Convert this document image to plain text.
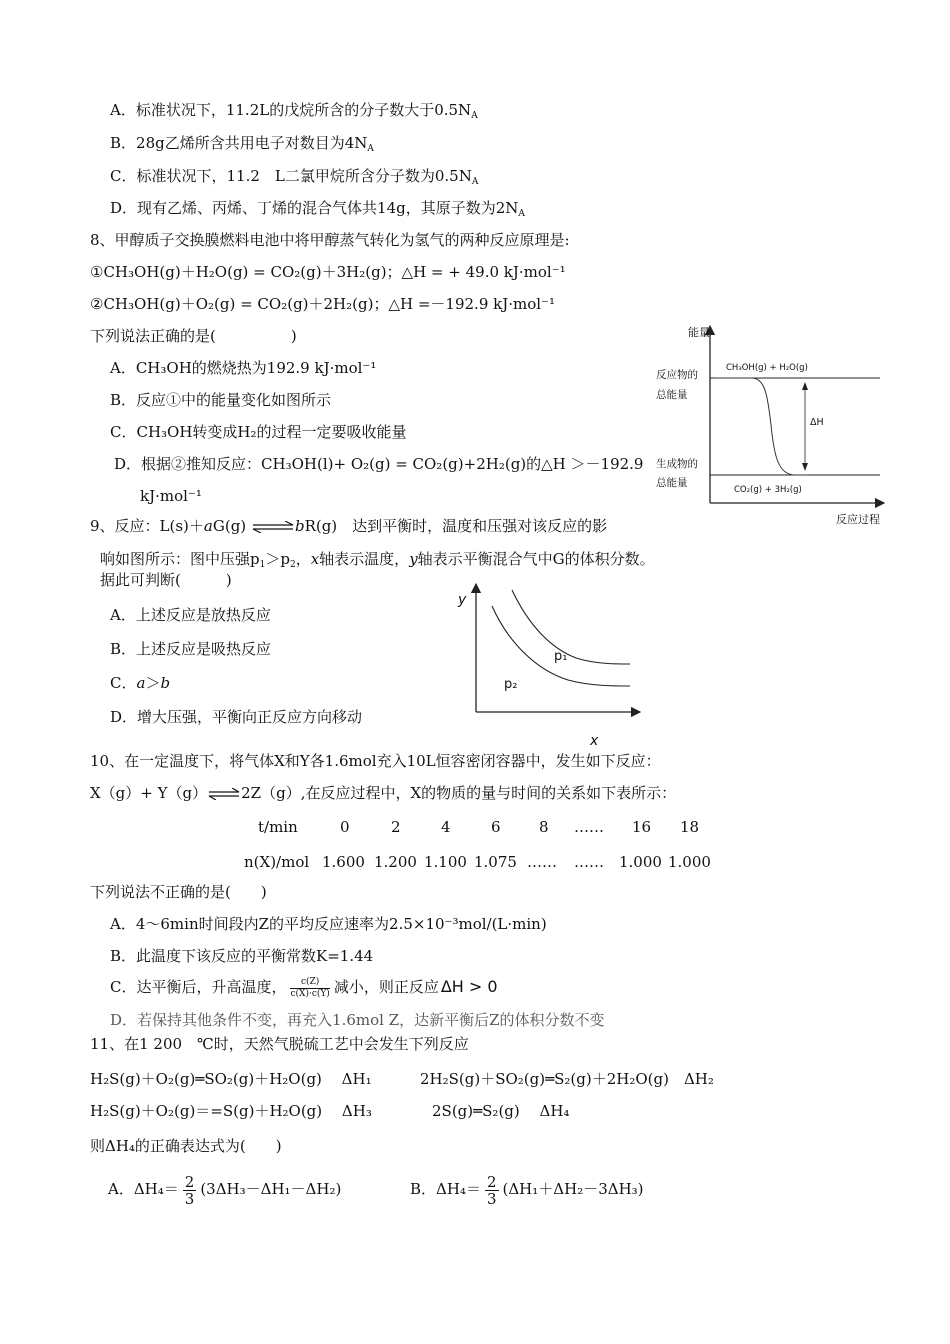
A．标准状况下，11.2L的戊烷所含的分子数大于$0.5N_A$
B．28g乙烯所含共用电子对数目为$4N_A$
C．标准状况下，11.2　L二氯甲烷所含分子数为$0.5N_A$
D．现有乙烯、丙烯、丁烯的混合气体共14g，其原子数为$2N_A$
8、甲醇质子交换膜燃料电池中将甲醇蒸气转化为氢气的两种反应原理是:
①CH₃OH(g)＋H₂O(g) = CO₂(g)＋3H₂(g)；△H = + 49.0 kJ·mol⁻¹
②CH₃OH(g)＋O₂(g) = CO₂(g)＋2H₂(g)；△H =－192.9 kJ·mol⁻¹
下列说法正确的是(　　　　　)
A．CH₃OH的燃烧热为192.9 kJ·mol⁻¹
B．反应①中的能量变化如图所示
C．CH₃OH转变成H₂的过程一定要吸收能量
D．根据②推知反应：CH₃OH(l)+ O₂(g) = CO₂(g)+2H₂(g)的△H ＞－192.9
kJ·mol⁻¹
能量
反应过程
反应物的
总能量
CH₃OH(g) + H₂O(g)
生成物的
总能量
CO₂(g) + 3H₂(g)
ΔH
9、反应：L(s)＋aG(g) ⇌bR(g)　达到平衡时，温度和压强对该反应的影
响如图所示：图中压强$p_1>p_2$，x轴表示温度，y轴表示平衡混合气中G的体积分数。
据此可判断(　　　)
A．上述反应是放热反应
B．上述反应是吸热反应
C．a＞b
D．增大压强，平衡向正反应方向移动
y
x
p₁
p₂
10、在一定温度下，将气体X和Y各1.6mol充入10L恒容密闭容器中，发生如下反应：
X（g）+ Y（g）⇌2Z（g）,在反应过程中，X的物质的量与时间的关系如下表所示：
t/min	0	2	4	6	8 …… 16 18
n(X)/mol 1.600 1.200 1.100 1.075 …… …… 1.000 1.000
下列说法不正确的是(　　)
A．4～6min时间段内Z的平均反应速率为2.5×10⁻³mol/(L·min)
B．此温度下该反应的平衡常数K=1.44
C．达平衡后，升高温度， $\frac{c(Z)}{c(X)\cdot c(Y)}$ 减小，则正反应 ΔH > 0
D．若保持其他条件不变，再充入1.6mol Z，达新平衡后Z的体积分数不变
11、在1 200　℃时，天然气脱硫工艺中会发生下列反应
H₂S(g)＋O₂(g)═SO₂(g)＋H₂O(g)　 ΔH₁	2H₂S(g)＋SO₂(g)═S₂(g)＋2H₂O(g)　ΔH₂
H₂S(g)＋O₂(g)＝=S(g)＋H₂O(g)　 ΔH₃	2S(g)═S₂(g)　 ΔH₄
则ΔH₄的正确表达式为(　　)
A．$\Delta H_4= \frac{2}{3} (3\Delta H_3-\Delta H_1-\Delta H_2)$	B．$\Delta H_4= \frac{2}{3} (\Delta H_1+\Delta H_2-3\Delta H_3)$
